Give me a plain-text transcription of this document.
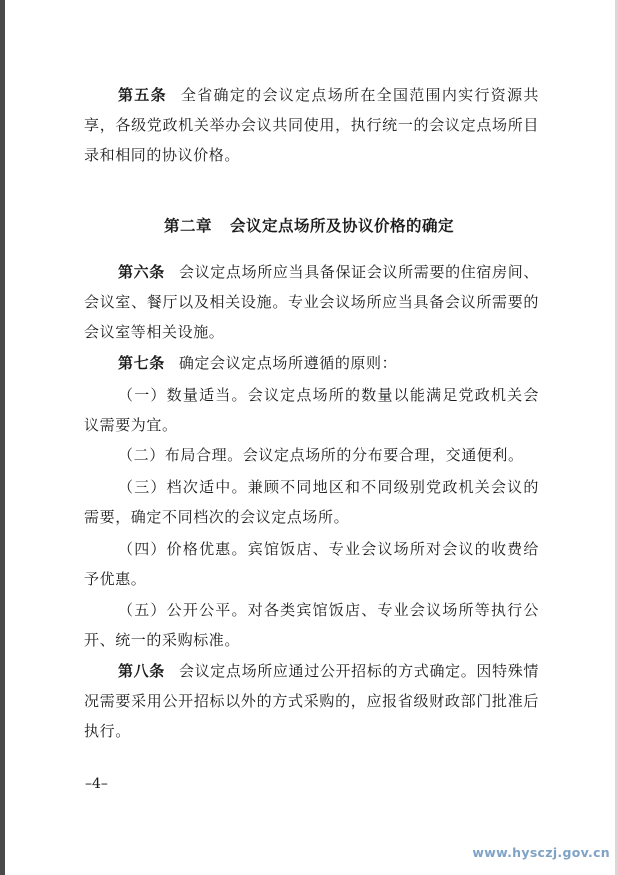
第五条 全省确定的会议定点场所在全国范围内实行资源共享，各级党政机关举办会议共同使用，执行统一的会议定点场所目录和相同的协议价格。
第二章 会议定点场所及协议价格的确定
第六条 会议定点场所应当具备保证会议所需要的住宿房间、会议室、餐厅以及相关设施。专业会议场所应当具备会议所需要的会议室等相关设施。
第七条 确定会议定点场所遵循的原则：
（一）数量适当。会议定点场所的数量以能满足党政机关会议需要为宜。
（二）布局合理。会议定点场所的分布要合理，交通便利。
（三）档次适中。兼顾不同地区和不同级别党政机关会议的需要，确定不同档次的会议定点场所。
（四）价格优惠。宾馆饭店、专业会议场所对会议的收费给予优惠。
（五）公开公平。对各类宾馆饭店、专业会议场所等执行公开、统一的采购标准。
第八条 会议定点场所应通过公开招标的方式确定。因特殊情况需要采用公开招标以外的方式采购的，应报省级财政部门批准后执行。
–4–
www.hysczj.gov.cn
